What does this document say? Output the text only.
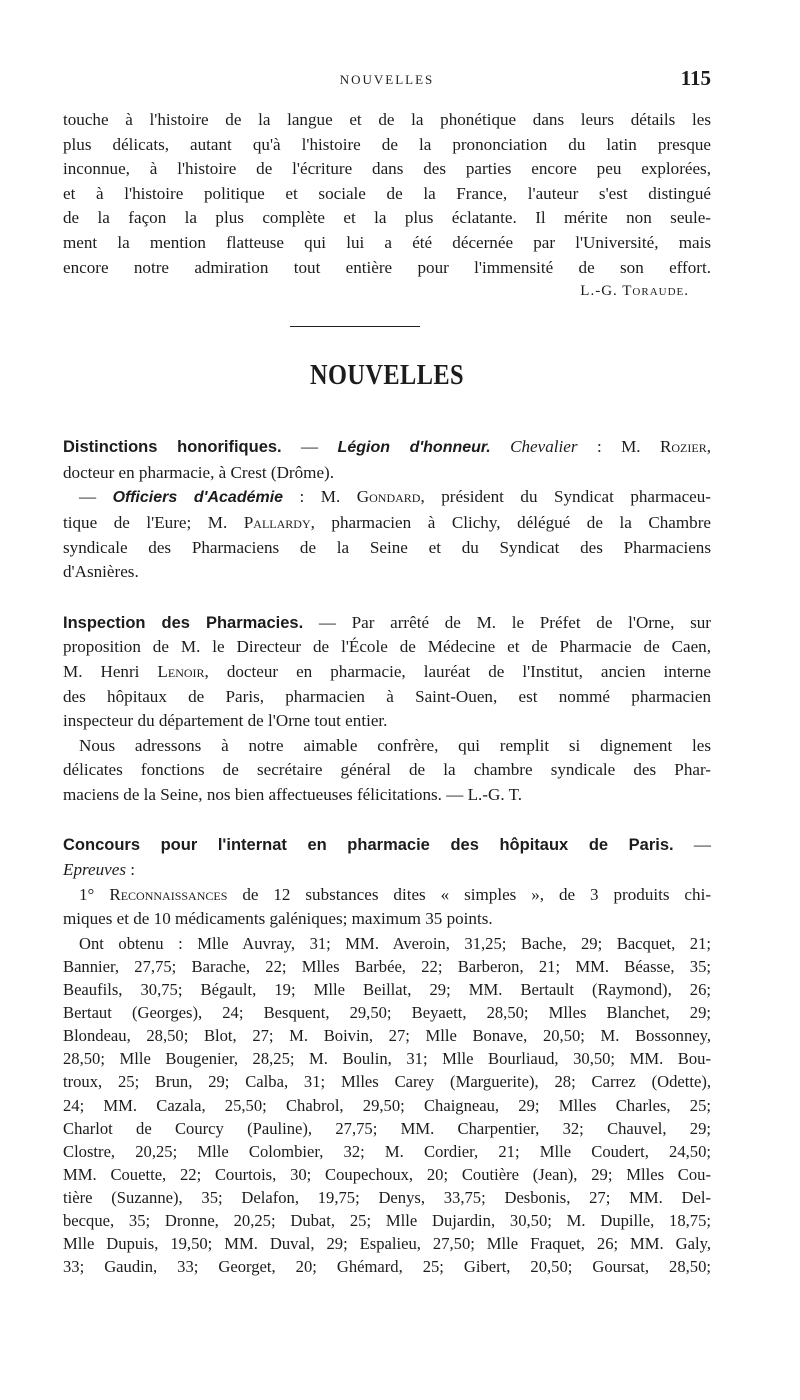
NOUVELLES	115

touche à l'histoire de la langue et de la phonétique dans leurs détails les

plus délicats, autant qu'à l'histoire de la prononciation du latin presque

inconnue, à l'histoire de l'écriture dans des parties encore peu explorées,

et à l'histoire politique et sociale de la France, l'auteur s'est distingué

de la façon la plus complète et la plus éclatante. Il mérite non seule-

ment la mention flatteuse qui lui a été décernée par l'Université, mais

encore notre admiration tout entière pour l'immensité de son effort.

L.-G. Toraude.
NOUVELLES

Distinctions honorifiques. — Légion d'honneur. Chevalier : M. Rozier,

docteur en pharmacie, à Crest (Drôme).

— Officiers d'Académie : M. Gondard, président du Syndicat pharmaceu-

tique de l'Eure; M. Pallardy, pharmacien à Clichy, délégué de la Chambre

syndicale des Pharmaciens de la Seine et du Syndicat des Pharmaciens

d'Asnières.

Inspection des Pharmacies. — Par arrêté de M. le Préfet de l'Orne, sur

proposition de M. le Directeur de l'École de Médecine et de Pharmacie de Caen,

M. Henri Lenoir, docteur en pharmacie, lauréat de l'Institut, ancien interne

des hôpitaux de Paris, pharmacien à Saint-Ouen, est nommé pharmacien

inspecteur du département de l'Orne tout entier.

Nous adressons à notre aimable confrère, qui remplit si dignement les

délicates fonctions de secrétaire général de la chambre syndicale des Phar-

maciens de la Seine, nos bien affectueuses félicitations. — L.-G. T.

Concours pour l'internat en pharmacie des hôpitaux de Paris. —

Epreuves :

1° Reconnaissances de 12 substances dites « simples », de 3 produits chi-

miques et de 10 médicaments galéniques; maximum 35 points.

Ont obtenu : Mlle Auvray, 31; MM. Averoin, 31,25; Bache, 29; Bacquet, 21;

Bannier, 27,75; Barache, 22; Mlles Barbée, 22; Barberon, 21; MM. Béasse, 35;

Beaufils, 30,75; Bégault, 19; Mlle Beillat, 29; MM. Bertault (Raymond), 26;

Bertaut (Georges), 24; Besquent, 29,50; Beyaett, 28,50; Mlles Blanchet, 29;

Blondeau, 28,50; Blot, 27; M. Boivin, 27; Mlle Bonave, 20,50; M. Bossonney,

28,50; Mlle Bougenier, 28,25; M. Boulin, 31; Mlle Bourliaud, 30,50; MM. Bou-

troux, 25; Brun, 29; Calba, 31; Mlles Carey (Marguerite), 28; Carrez (Odette),

24; MM. Cazala, 25,50; Chabrol, 29,50; Chaigneau, 29; Mlles Charles, 25;

Charlot de Courcy (Pauline), 27,75; MM. Charpentier, 32; Chauvel, 29;

Clostre, 20,25; Mlle Colombier, 32; M. Cordier, 21; Mlle Coudert, 24,50;

MM. Couette, 22; Courtois, 30; Coupechoux, 20; Coutière (Jean), 29; Mlles Cou-

tière (Suzanne), 35; Delafon, 19,75; Denys, 33,75; Desbonis, 27; MM. Del-

becque, 35; Dronne, 20,25; Dubat, 25; Mlle Dujardin, 30,50; M. Dupille, 18,75;

Mlle Dupuis, 19,50; MM. Duval, 29; Espalieu, 27,50; Mlle Fraquet, 26; MM. Galy,

33; Gaudin, 33; Georget, 20; Ghémard, 25; Gibert, 20,50; Goursat, 28,50;
